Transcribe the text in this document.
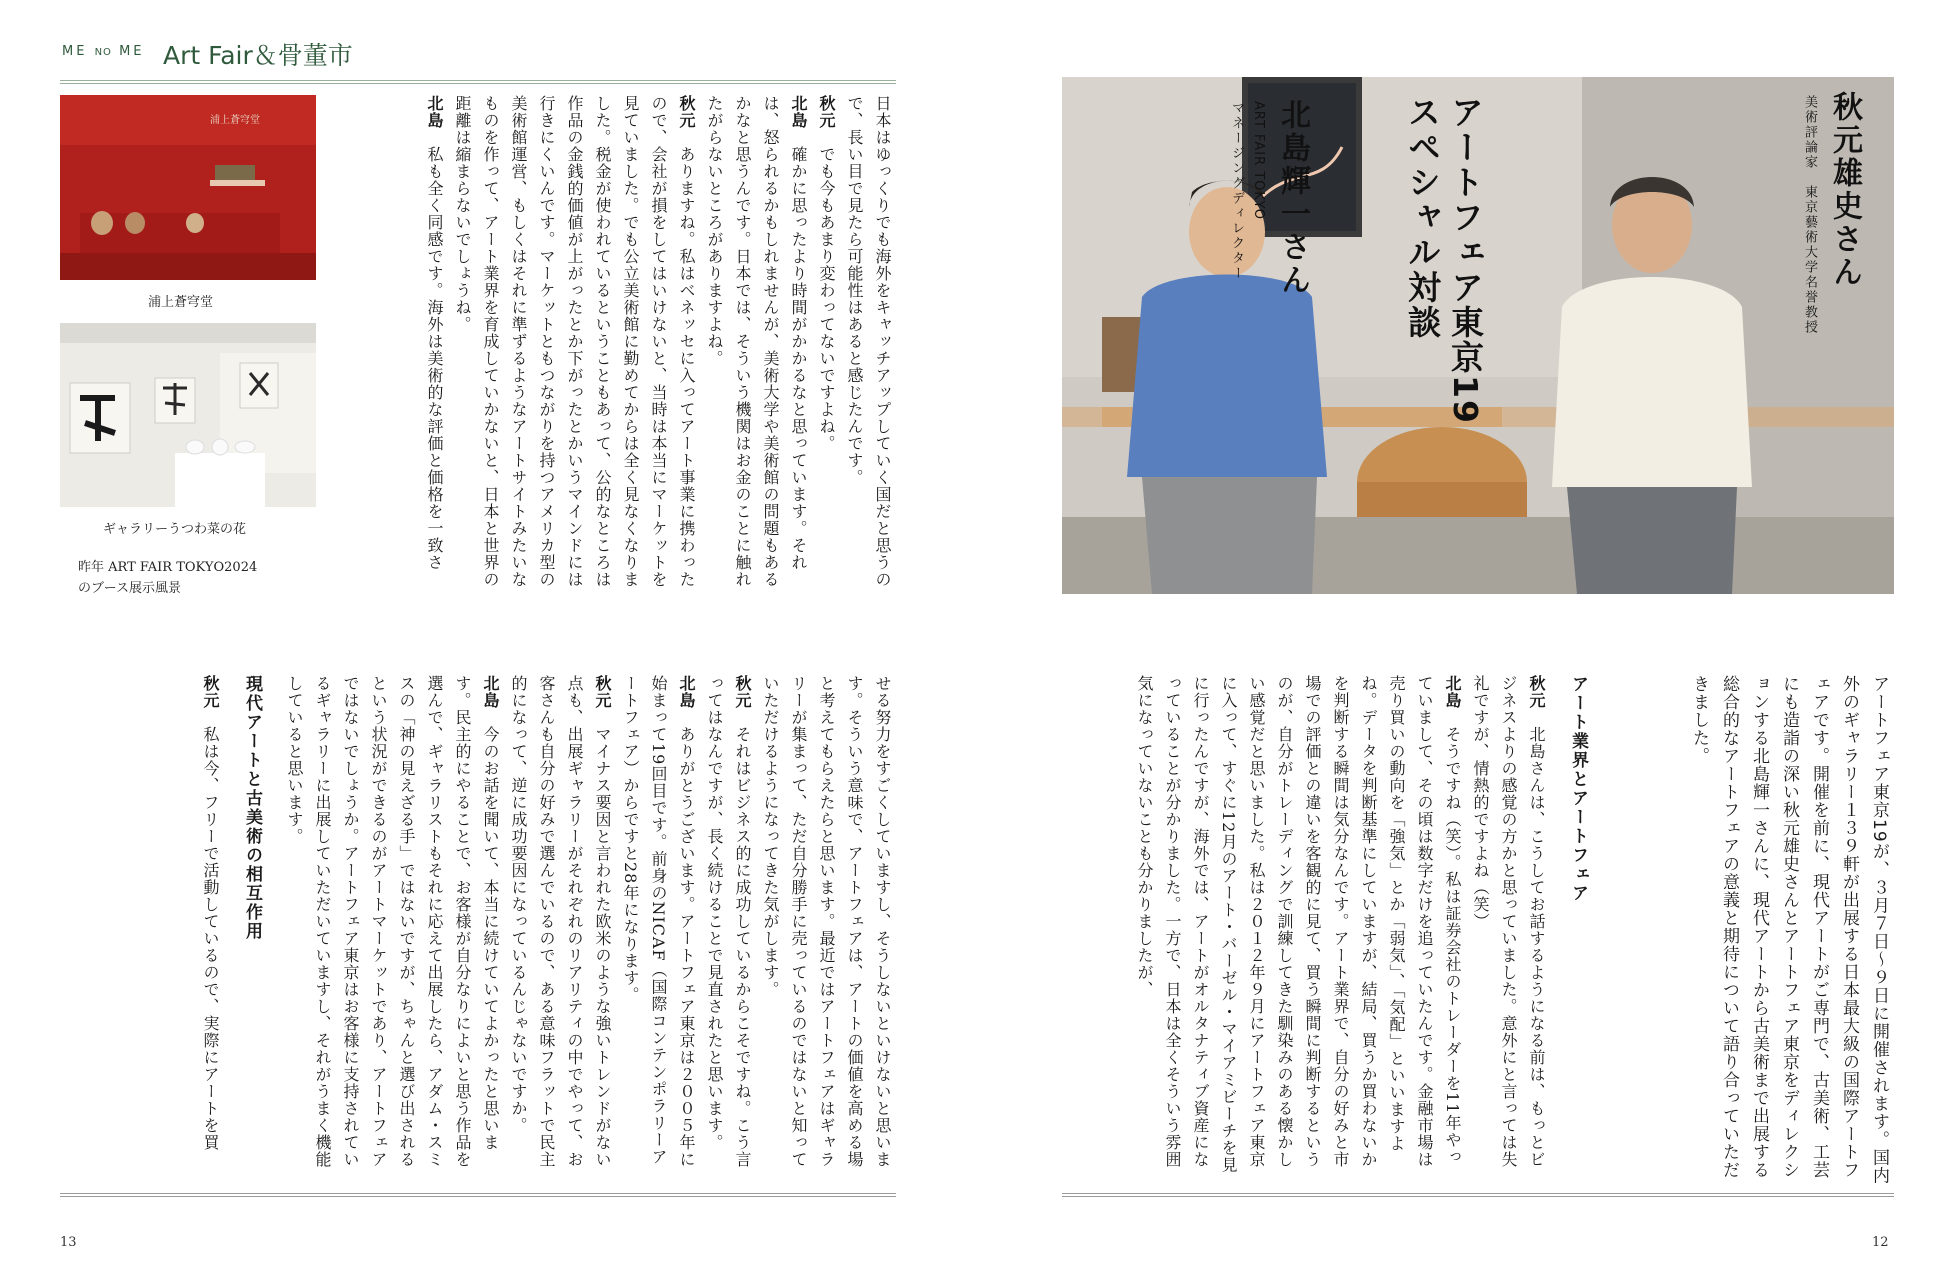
ME NO ME Art Fair＆骨董市
浦上蒼穹堂
浦上蒼穹堂
ギャラリーうつわ菜の花
昨年 ART FAIR TOKYO2024
のブース展示風景

日本はゆっくりでも海外をキャッチアップしていく国だと思うので、長い目で見たら可能性はあると感じたんです。

秋元　でも今もあまり変わってないですよね。

北島　確かに思ったより時間がかかるなと思っています。それは、怒られるかもしれませんが、美術大学や美術館の問題もあるかなと思うんです。日本では、そういう機関はお金のことに触れたがらないところがありますよね。

秋元　ありますね。私はベネッセに入ってアート事業に携わったので、会社が損をしてはいけないと、当時は本当にマーケットを見ていました。でも公立美術館に勤めてからは全く見なくなりました。税金が使われているということもあって、公的なところは作品の金銭的価値が上がったとか下がったとかいうマインドには行きにくいんです。マーケットともつながりを持つアメリカ型の美術館運営、もしくはそれに準ずるようなアートサイトみたいなものを作って、アート業界を育成していかないと、日本と世界の距離は縮まらないでしょうね。

北島　私も全く同感です。海外は美術的な評価と価格を一致さ

せる努力をすごくしていますし、そうしないといけないと思います。そういう意味で、アートフェアは、アートの価値を高める場と考えてもらえたらと思います。最近ではアートフェアはギャラリーが集まって、ただ自分勝手に売っているのではないと知っていただけるようになってきた気がします。

秋元　それはビジネス的に成功しているからこそですね。こう言ってはなんですが、長く続けることで見直されたと思います。

北島　ありがとうございます。アートフェア東京は２００５年に始まって19回目です。前身のNICAF（国際コンテンポラリーアートフェア）からですと28年になります。

秋元　マイナス要因と言われた欧米のような強いトレンドがない点も、出展ギャラリーがそれぞれのリアリティの中でやって、お客さんも自分の好みで選んでいるので、ある意味フラットで民主的になって、逆に成功要因になっているんじゃないですか。

北島　今のお話を聞いて、本当に続けていてよかったと思います。民主的にやることで、お客様が自分なりによいと思う作品を選んで、ギャラリストもそれに応えて出展したら、アダム・スミスの「神の見えざる手」ではないですが、ちゃんと選び出されるという状況ができるのがアートマーケットであり、アートフェアではないでしょうか。アートフェア東京はお客様に支持されているギャラリーに出展していただいていますし、それがうまく機能していると思います。

現代アートと古美術の相互作用

秋元　私は今、フリーで活動しているので、実際にアートを買

13
秋元雄史さん
美術評論家　東京藝術大学名誉教授
アートフェア東京19
スペシャル対談
北島輝一さん
ART FAIR TOKYO
マネージングディレクター
アートフェア東京19が、３月７日〜９日に開催されます。国内外のギャラリー１３９軒が出展する日本最大級の国際アートフェアです。開催を前に、現代アートがご専門で、古美術、工芸にも造詣の深い秋元雄史さんとアートフェア東京をディレクションする北島輝一さんに、現代アートから古美術まで出展する総合的なアートフェアの意義と期待について語り合っていただきました。

アート業界とアートフェア

秋元　北島さんは、こうしてお話するようになる前は、もっとビジネスよりの感覚の方かと思っていました。意外にと言っては失礼ですが、情熱的ですよね（笑）

北島　そうですね（笑）。私は証券会社のトレーダーを11年やっていまして、その頃は数字だけを追っていたんです。金融市場は売り買いの動向を「強気」とか「弱気」、「気配」といいますよね。データを判断基準にしていますが、結局、買うか買わないかを判断する瞬間は気分なんです。アート業界で、自分の好みと市場での評価との違いを客観的に見て、買う瞬間に判断するというのが、自分がトレーディングで訓練してきた馴染みのある懐かしい感覚だと思いました。私は２０１２年９月にアートフェア東京に入って、すぐに12月のアート・バーゼル・マイアミビーチを見に行ったんですが、海外では、アートがオルタナティブ資産になっていることが分かりました。一方で、日本は全くそういう雰囲気になっていないことも分かりましたが、

12
